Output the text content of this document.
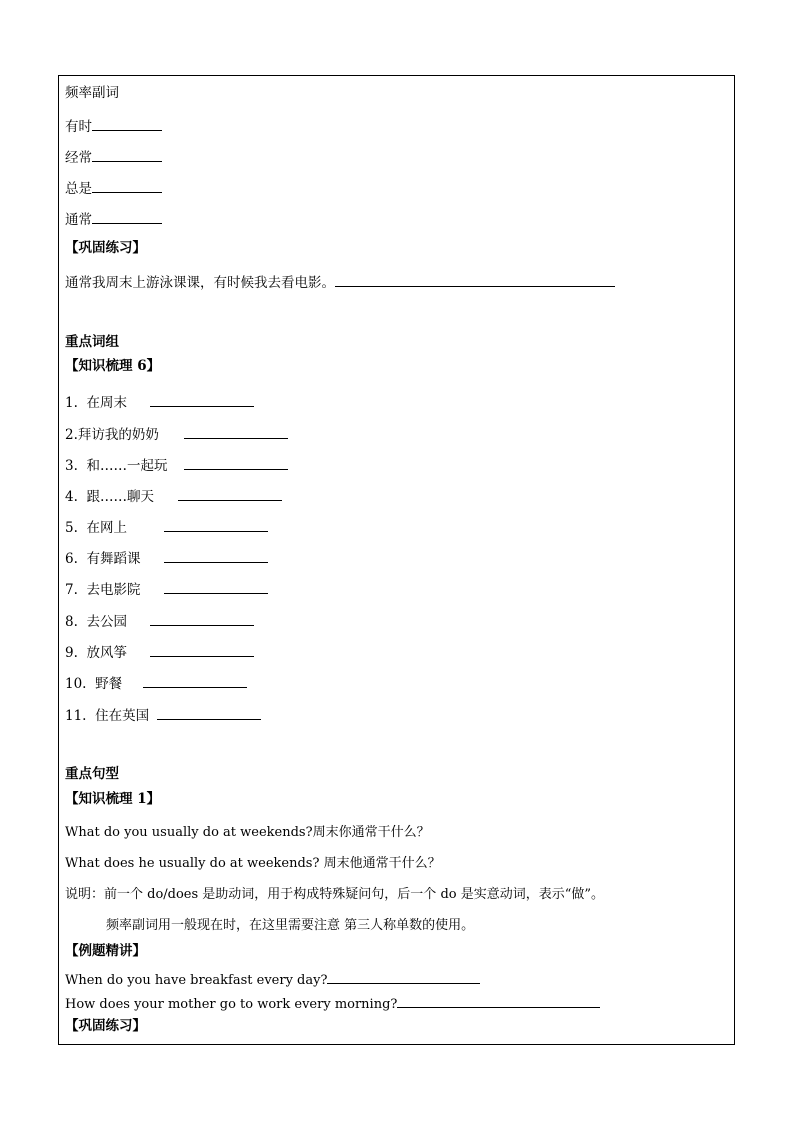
频率副词
有时
经常
总是
通常
【巩固练习】
通常我周末上游泳课课，有时候我去看电影。
重点词组
【知识梳理 6】
1. 在周末
2.拜访我的奶奶
3. 和……一起玩
4. 跟……聊天
5. 在网上
6. 有舞蹈课
7. 去电影院
8. 去公园
9. 放风筝
10. 野餐
11. 住在英国
重点句型
【知识梳理 1】
What do you usually do at weekends?周末你通常干什么？
What does he usually do at weekends? 周末他通常干什么？
说明：前一个 do/does 是助动词，用于构成特殊疑问句，后一个 do 是实意动词，表示“做”。
频率副词用一般现在时，在这里需要注意 第三人称单数的使用。
【例题精讲】
When do you have breakfast every day?
How does your mother go to work every morning?
【巩固练习】
